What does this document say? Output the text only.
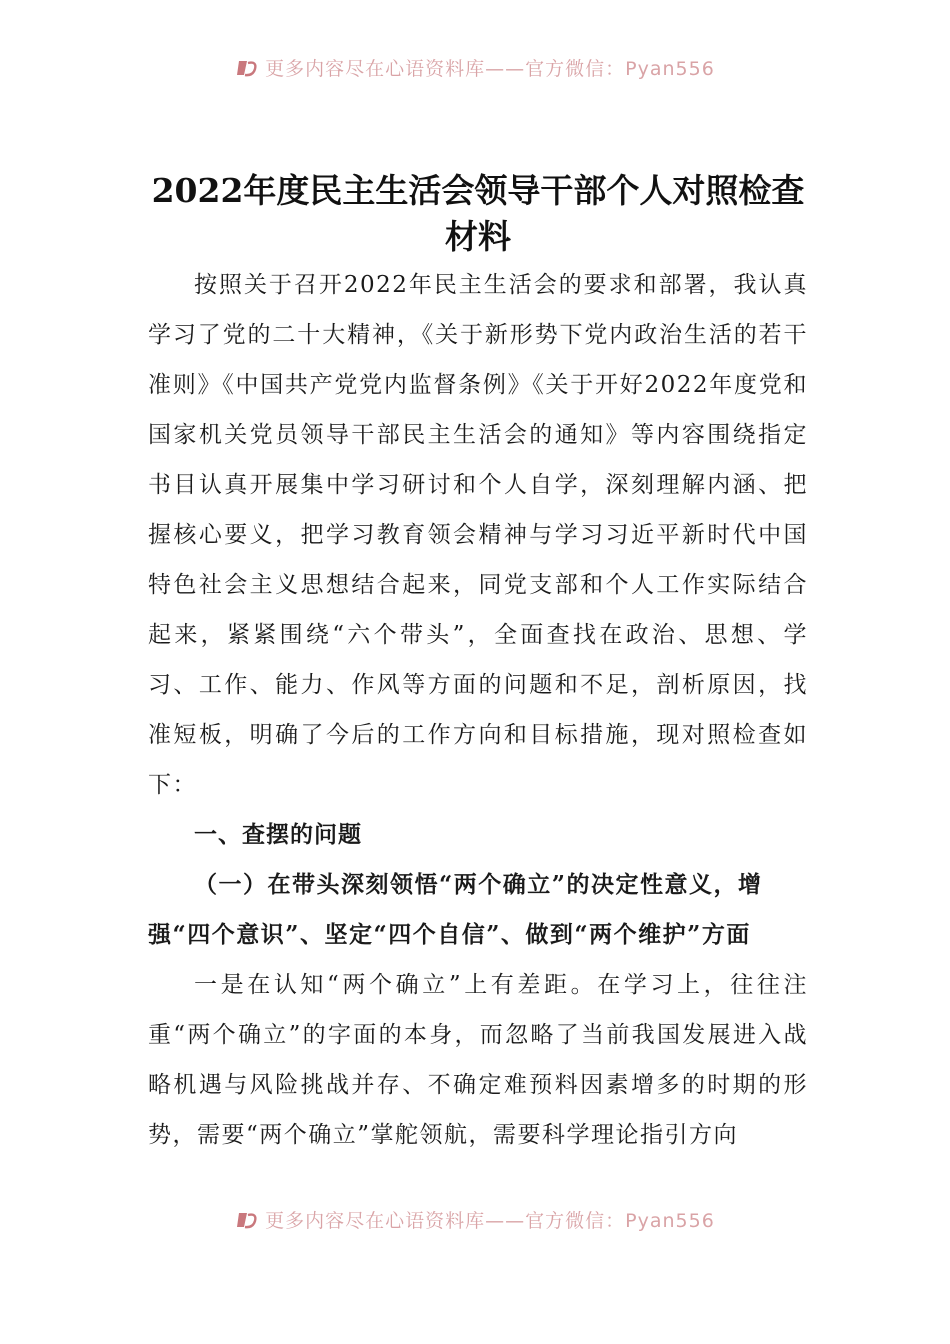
更多内容尽在心语资料库——官方微信：Pyan556
2022年度民主生活会领导干部个人对照检查材料

按照关于召开2022年民主生活会的要求和部署，我认真学习了党的二十大精神，《关于新形势下党内政治生活的若干准则》《中国共产党党内监督条例》《关于开好2022年度党和国家机关党员领导干部民主生活会的通知》等内容围绕指定书目认真开展集中学习研讨和个人自学，深刻理解内涵、把握核心要义，把学习教育领会精神与学习习近平新时代中国特色社会主义思想结合起来，同党支部和个人工作实际结合起来，紧紧围绕“六个带头”，全面查找在政治、思想、学习、工作、能力、作风等方面的问题和不足，剖析原因，找准短板，明确了今后的工作方向和目标措施，现对照检查如下：

一、查摆的问题

（一）在带头深刻领悟“两个确立”的决定性意义，增强“四个意识”、坚定“四个自信”、做到“两个维护”方面

一是在认知“两个确立”上有差距。在学习上，往往注重“两个确立”的字面的本身，而忽略了当前我国发展进入战略机遇与风险挑战并存、不确定难预料因素增多的时期的形势，需要“两个确立”掌舵领航，需要科学理论指引方向

更多内容尽在心语资料库——官方微信：Pyan556
